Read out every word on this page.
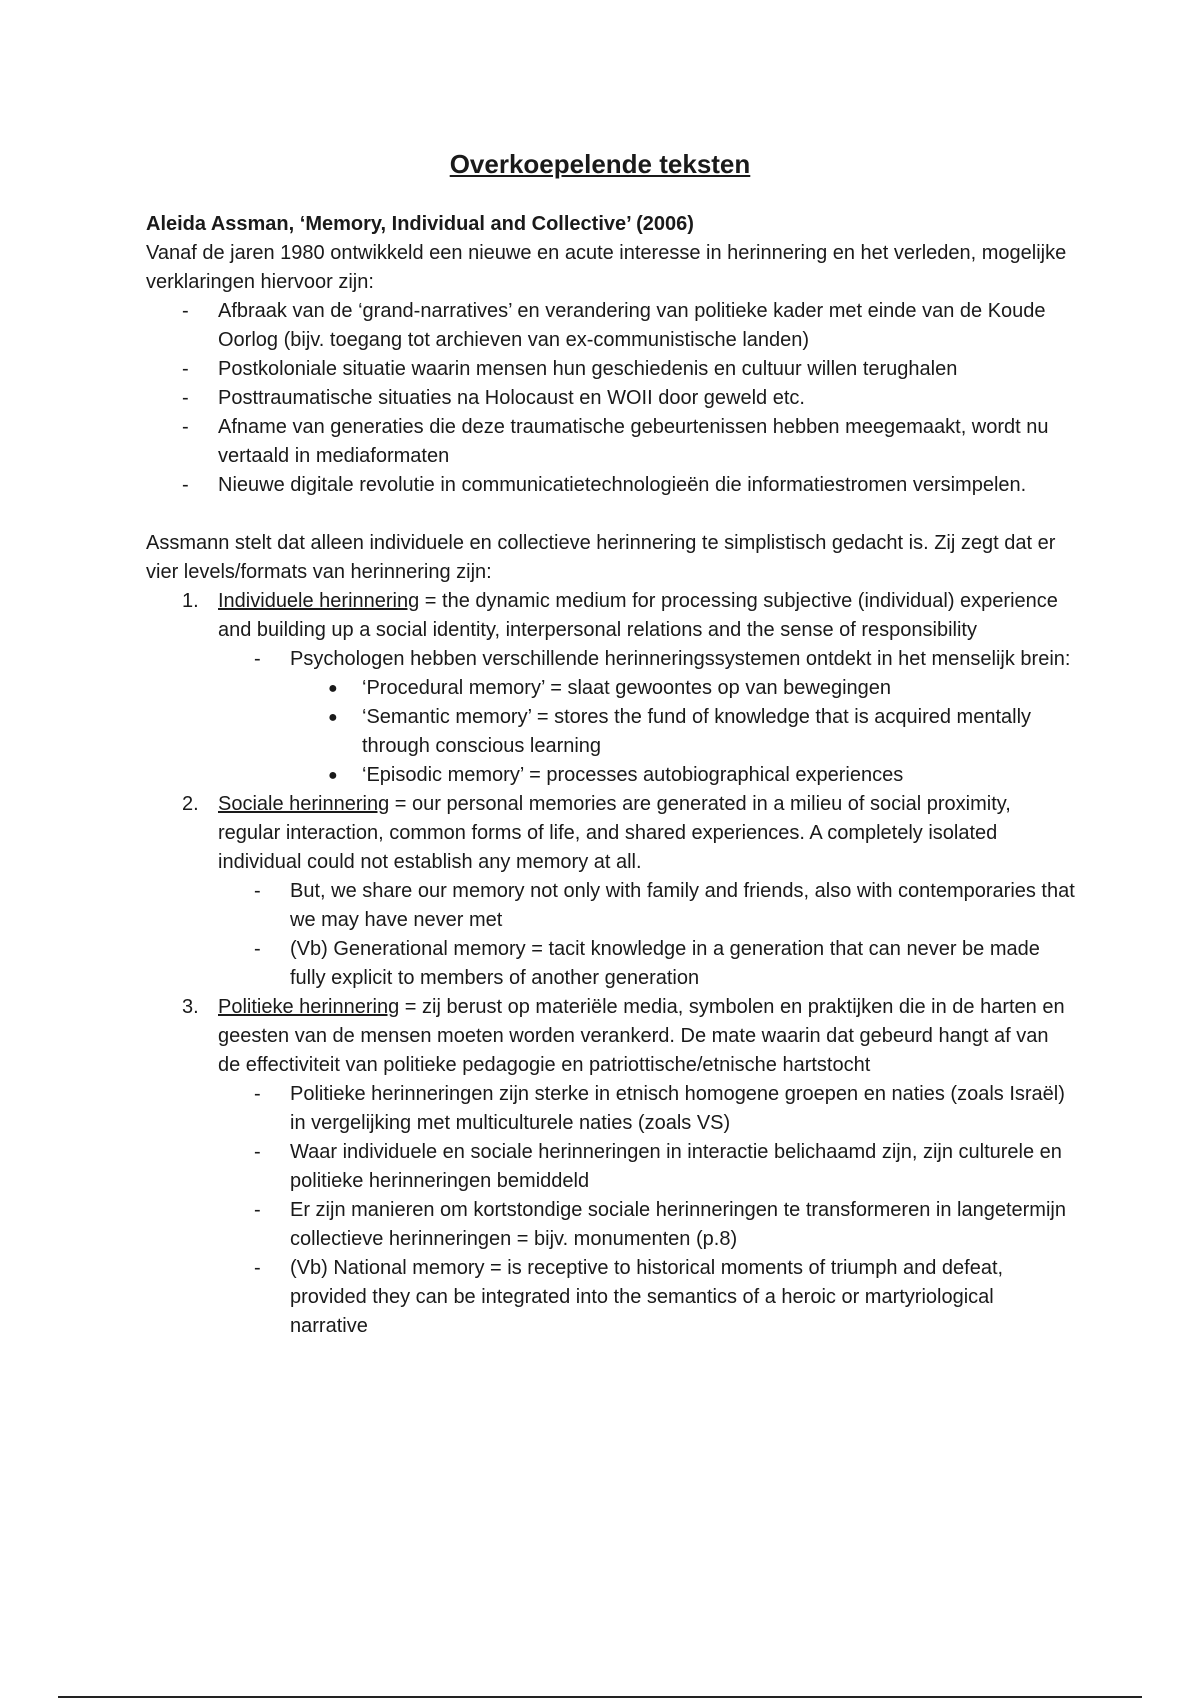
Overkoepelende teksten
Aleida Assman, ‘Memory, Individual and Collective’ (2006)
Vanaf de jaren 1980 ontwikkeld een nieuwe en acute interesse in herinnering en het verleden, mogelijke verklaringen hiervoor zijn:
- Afbraak van de ‘grand-narratives’ en verandering van politieke kader met einde van de Koude Oorlog (bijv. toegang tot archieven van ex-communistische landen)
- Postkoloniale situatie waarin mensen hun geschiedenis en cultuur willen terughalen
- Posttraumatische situaties na Holocaust en WOII door geweld etc.
- Afname van generaties die deze traumatische gebeurtenissen hebben meegemaakt, wordt nu vertaald in mediaformaten
- Nieuwe digitale revolutie in communicatietechnologieën die informatiestromen versimpelen.
Assmann stelt dat alleen individuele en collectieve herinnering te simplistisch gedacht is. Zij zegt dat er vier levels/formats van herinnering zijn:
1. Individuele herinnering = the dynamic medium for processing subjective (individual) experience and building up a social identity, interpersonal relations and the sense of responsibility
- Psychologen hebben verschillende herinneringssystemen ontdekt in het menselijk brein:
● ‘Procedural memory’ = slaat gewoontes op van bewegingen
● ‘Semantic memory’ = stores the fund of knowledge that is acquired mentally through conscious learning
● ‘Episodic memory’ = processes autobiographical experiences
2. Sociale herinnering = our personal memories are generated in a milieu of social proximity, regular interaction, common forms of life, and shared experiences. A completely isolated individual could not establish any memory at all.
- But, we share our memory not only with family and friends, also with contemporaries that we may have never met
- (Vb) Generational memory = tacit knowledge in a generation that can never be made fully explicit to members of another generation
3. Politieke herinnering = zij berust op materiële media, symbolen en praktijken die in de harten en geesten van de mensen moeten worden verankerd. De mate waarin dat gebeurd hangt af van de effectiviteit van politieke pedagogie en patriottische/etnische hartstocht
- Politieke herinneringen zijn sterke in etnisch homogene groepen en naties (zoals Israël) in vergelijking met multiculturele naties (zoals VS)
- Waar individuele en sociale herinneringen in interactie belichaamd zijn, zijn culturele en politieke herinneringen bemiddeld
- Er zijn manieren om kortstondige sociale herinneringen te transformeren in langetermijn collectieve herinneringen = bijv. monumenten (p.8)
- (Vb) National memory = is receptive to historical moments of triumph and defeat, provided they can be integrated into the semantics of a heroic or martyriological narrative
